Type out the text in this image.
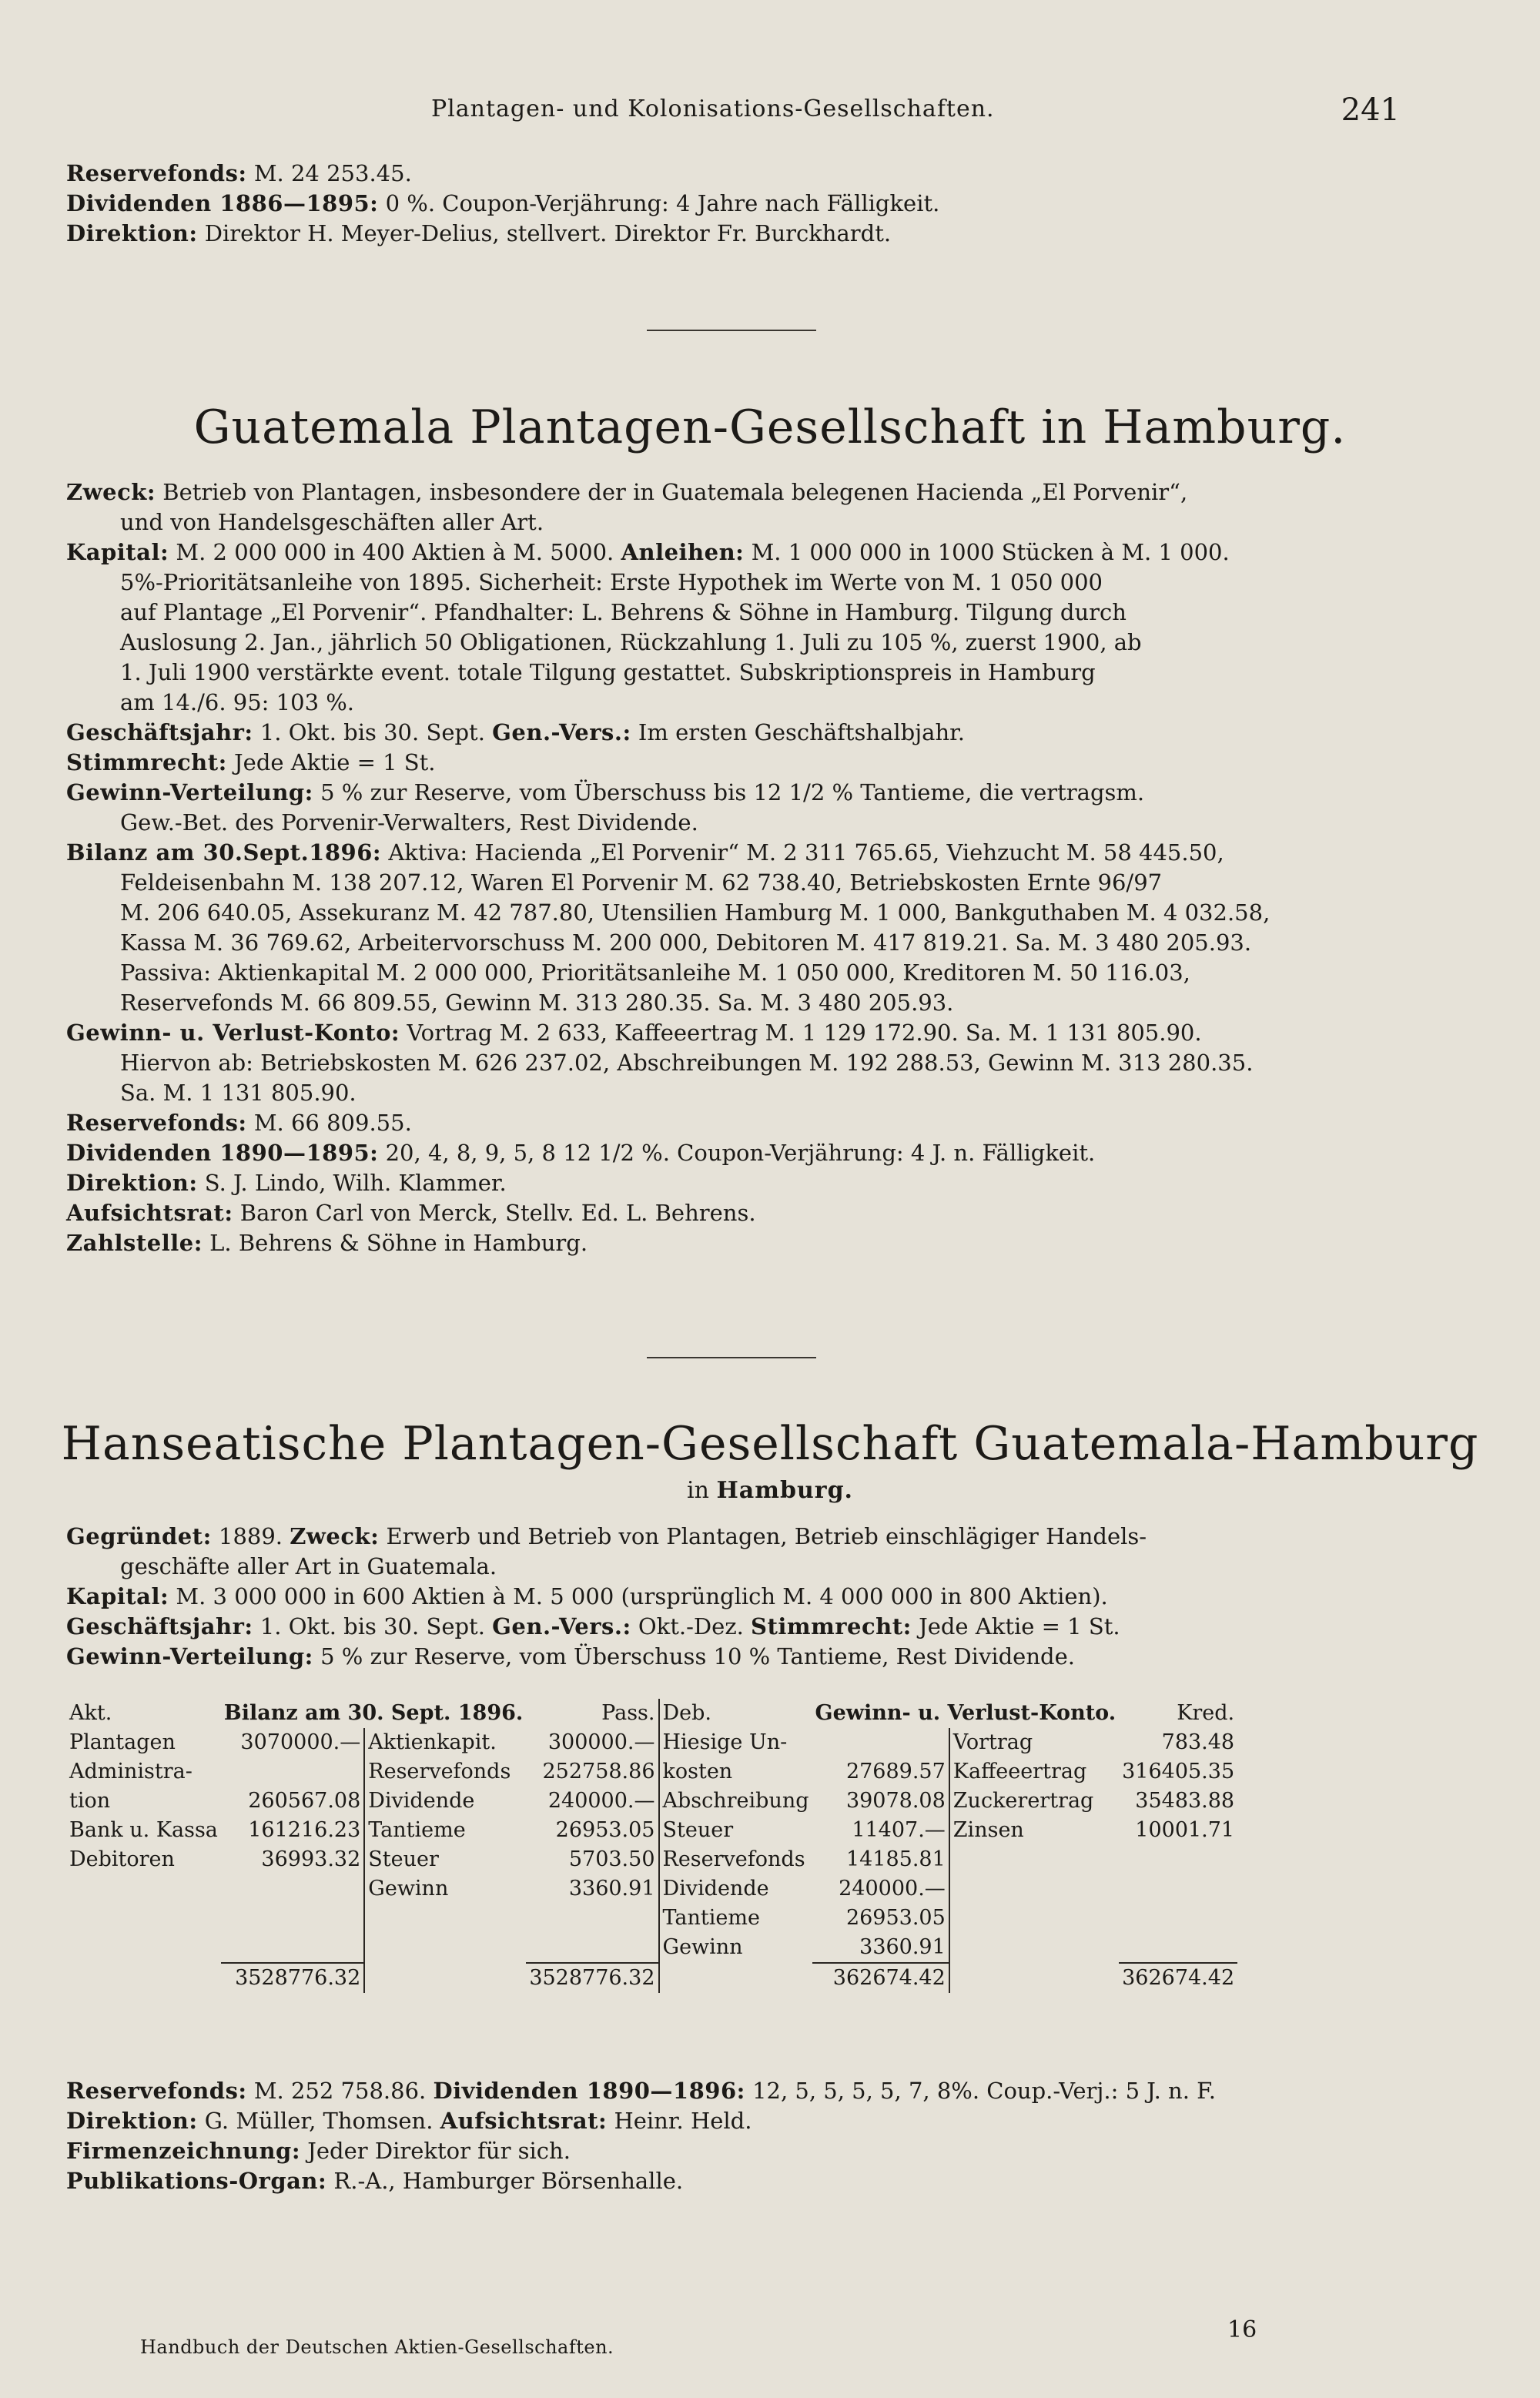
Plantagen- und Kolonisations-Gesellschaften.	241

Reservefonds: M. 24 253.45.

Dividenden 1886—1895: 0 %. Coupon-Verjährung: 4 Jahre nach Fälligkeit.

Direktion: Direktor H. Meyer-Delius, stellvert. Direktor Fr. Burckhardt.

Guatemala Plantagen-Gesellschaft in Hamburg.

Zweck: Betrieb von Plantagen, insbesondere der in Guatemala belegenen Hacienda „El Porvenir“,

und von Handelsgeschäften aller Art.

Kapital: M. 2 000 000 in 400 Aktien à M. 5000. Anleihen: M. 1 000 000 in 1000 Stücken à M. 1 000.

5%-Prioritätsanleihe von 1895. Sicherheit: Erste Hypothek im Werte von M. 1 050 000

auf Plantage „El Porvenir“. Pfandhalter: L. Behrens & Söhne in Hamburg. Tilgung durch

Auslosung 2. Jan., jährlich 50 Obligationen, Rückzahlung 1. Juli zu 105 %, zuerst 1900, ab

1. Juli 1900 verstärkte event. totale Tilgung gestattet. Subskriptionspreis in Hamburg

am 14./6. 95: 103 %.

Geschäftsjahr: 1. Okt. bis 30. Sept. Gen.-Vers.: Im ersten Geschäftshalbjahr.

Stimmrecht: Jede Aktie = 1 St.

Gewinn-Verteilung: 5 % zur Reserve, vom Überschuss bis 12 1/2 % Tantieme, die vertragsm.

Gew.-Bet. des Porvenir-Verwalters, Rest Dividende.

Bilanz am 30.Sept.1896: Aktiva: Hacienda „El Porvenir“ M. 2 311 765.65, Viehzucht M. 58 445.50,

Feldeisenbahn M. 138 207.12, Waren El Porvenir M. 62 738.40, Betriebskosten Ernte 96/97

M. 206 640.05, Assekuranz M. 42 787.80, Utensilien Hamburg M. 1 000, Bankguthaben M. 4 032.58,

Kassa M. 36 769.62, Arbeitervorschuss M. 200 000, Debitoren M. 417 819.21. Sa. M. 3 480 205.93.

Passiva: Aktienkapital M. 2 000 000, Prioritätsanleihe M. 1 050 000, Kreditoren M. 50 116.03,

Reservefonds M. 66 809.55, Gewinn M. 313 280.35. Sa. M. 3 480 205.93.

Gewinn- u. Verlust-Konto: Vortrag M. 2 633, Kaffeeertrag M. 1 129 172.90. Sa. M. 1 131 805.90.

Hiervon ab: Betriebskosten M. 626 237.02, Abschreibungen M. 192 288.53, Gewinn M. 313 280.35.

Sa. M. 1 131 805.90.

Reservefonds: M. 66 809.55.

Dividenden 1890—1895: 20, 4, 8, 9, 5, 8 12 1/2 %. Coupon-Verjährung: 4 J. n. Fälligkeit.

Direktion: S. J. Lindo, Wilh. Klammer.

Aufsichtsrat: Baron Carl von Merck, Stellv. Ed. L. Behrens.

Zahlstelle: L. Behrens & Söhne in Hamburg.

Hanseatische Plantagen-Gesellschaft Guatemala-Hamburg
in Hamburg.

Gegründet: 1889. Zweck: Erwerb und Betrieb von Plantagen, Betrieb einschlägiger Handels-

geschäfte aller Art in Guatemala.

Kapital: M. 3 000 000 in 600 Aktien à M. 5 000 (ursprünglich M. 4 000 000 in 800 Aktien).

Geschäftsjahr: 1. Okt. bis 30. Sept. Gen.-Vers.: Okt.-Dez. Stimmrecht: Jede Aktie = 1 St.

Gewinn-Verteilung: 5 % zur Reserve, vom Überschuss 10 % Tantieme, Rest Dividende.

Akt.	Bilanz am 30. Sept. 1896.		Pass.	Deb.	Gewinn- u. Verlust-Konto.		Kred.
Plantagen	3070000.—	Aktienkapit.	300000.—	Hiesige Un-		Vortrag	783.48
Administra-		Reservefonds	252758.86	kosten	27689.57	Kaffeeertrag	316405.35
tion	260567.08	Dividende	240000.—	Abschreibung	39078.08	Zuckerertrag	35483.88
Bank u. Kassa	161216.23	Tantieme	26953.05	Steuer	11407.—	Zinsen	10001.71
Debitoren	36993.32	Steuer	5703.50	Reservefonds	14185.81		
		Gewinn	3360.91	Dividende	240000.—		
				Tantieme	26953.05		
				Gewinn	3360.91		
	3528776.32		3528776.32		362674.42		362674.42

Reservefonds: M. 252 758.86. Dividenden 1890—1896: 12, 5, 5, 5, 5, 7, 8%. Coup.-Verj.: 5 J. n. F.

Direktion: G. Müller, Thomsen. Aufsichtsrat: Heinr. Held.

Firmenzeichnung: Jeder Direktor für sich.

Publikations-Organ: R.-A., Hamburger Börsenhalle.

Handbuch der Deutschen Aktien-Gesellschaften.
16
